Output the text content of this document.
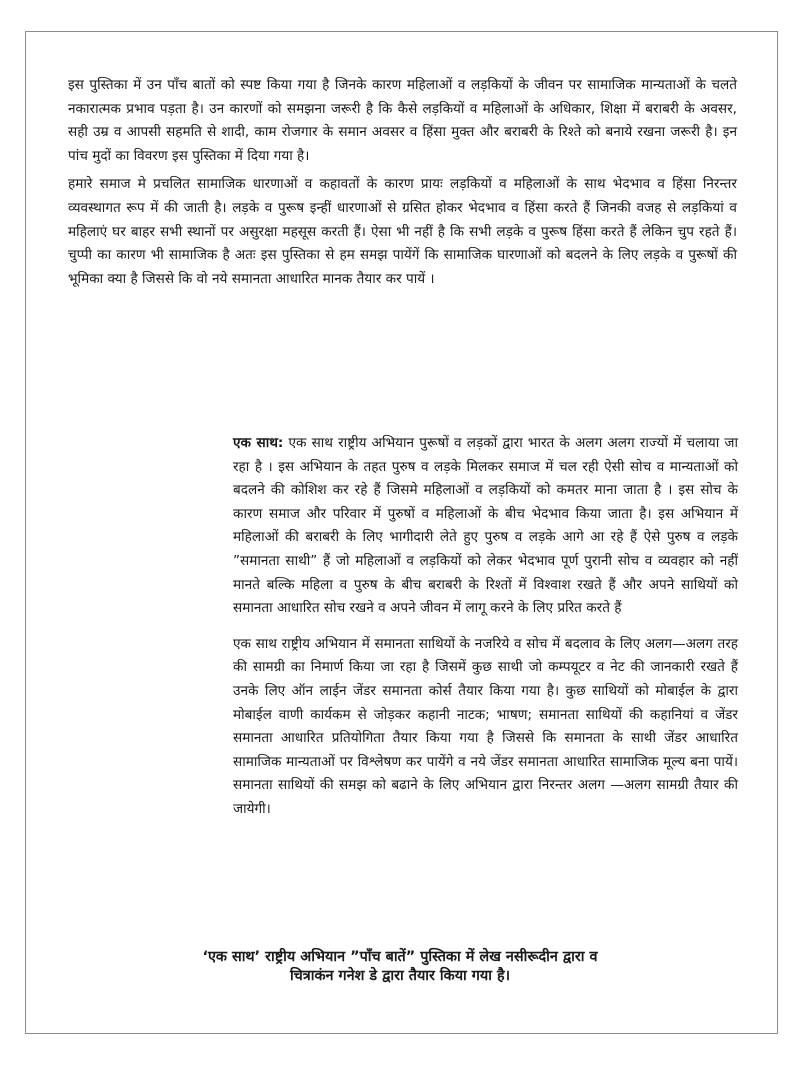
इस पुस्तिका में उन पाँच बातों को स्पष्ट किया गया है जिनके कारण महिलाओं व लड़कियों के जीवन पर सामाजिक मान्यताओं के चलते नकारात्मक प्रभाव पड़ता है। उन कारणों को समझना जरूरी है कि कैसे लड़कियों व महिलाओं के अधिकार, शिक्षा में बराबरी के अवसर, सही उम्र व आपसी सहमति से शादी, काम रोजगार के समान अवसर व हिंसा मुक्त और बराबरी के रिश्ते को बनाये रखना जरूरी है। इन पांच मुदों का विवरण इस पुस्तिका में दिया गया है।

हमारे समाज मे प्रचलित सामाजिक धारणाओं व कहावतों के कारण प्रायः लड़कियों व महिलाओं के साथ भेदभाव व हिंसा निरन्तर व्यवस्थागत रूप में की जाती है। लड़के व पुरूष इन्हीं धारणाओं से ग्रसित होकर भेदभाव व हिंसा करते हैं जिनकी वजह से लड़कियां व महिलाएं घर बाहर सभी स्थानों पर असुरक्षा महसूस करती हैं। ऐसा भी नहीं है कि सभी लड़के व पुरूष हिंसा करते हैं लेकिन चुप रहते हैं। चुप्पी का कारण भी सामाजिक है अतः इस पुस्तिका से हम समझ पायेंगें कि सामाजिक घारणाओं को बदलने के लिए लड़के व पुरूषों की भूमिका क्या है जिससे कि वो नये समानता आधारित मानक तैयार कर पायें ।

एक साथ: एक साथ राष्ट्रीय अभियान पुरूषों व लड़कों द्वारा भारत के अलग अलग राज्यों में चलाया जा रहा है । इस अभियान के तहत पुरुष व लड़के मिलकर समाज में चल रही ऐसी सोच व मान्यताओं को बदलने की कोशिश कर रहे हैं जिसमे महिलाओं व लड़कियों को कमतर माना जाता है । इस सोच के कारण समाज और परिवार में पुरुषों व महिलाओं के बीच भेदभाव किया जाता है। इस अभियान में महिलाओं की बराबरी के लिए भागीदारी लेते हुए पुरुष व लड़के आगे आ रहे हैं ऐसे पुरुष व लड़के ”समानता साथी” हैं जो महिलाओं व लड़कियों को लेकर भेदभाव पूर्ण पुरानी सोच व व्यवहार को नहीं मानते बल्कि महिला व पुरुष के बीच बराबरी के रिश्तों में विश्वाश रखते हैं और अपने साथियों को समानता आधारित सोच रखने व अपने जीवन में लागू करने के लिए प्ररित करते हैं

एक साथ राष्ट्रीय अभियान में समानता साथियों के नजरिये व सोच में बदलाव के लिए अलग—अलग तरह की सामग्री का निमार्ण किया जा रहा है जिसमें कुछ साथी जो कम्पयूटर व नेट की जानकारी रखते हैं उनके लिए ऑन लाईन जेंडर समानता कोर्स तैयार किया गया है। कुछ साथियों को मोबाईल के द्वारा मोबाईल वाणी कार्यकम से जोड़कर कहानी नाटक; भाषण; समानता साथियों की कहानियां व जेंडर समानता आधारित प्रतियोगिता तैयार किया गया है जिससे कि समानता के साथी जेंडर आधारित सामाजिक मान्यताओं पर विश्लेषण कर पायेंगे व नये जेंडर समानता आधारित सामाजिक मूल्य बना पायें। समानता साथियों की समझ को बढाने के लिए अभियान द्वारा निरन्तर अलग —अलग सामग्री तैयार की जायेगी।

‘एक साथ’ राष्ट्रीय अभियान ”पाँच बातें” पुस्तिका में लेख नसीरूदीन द्वारा व
चित्राकंन गनेश डे द्वारा तैयार किया गया है।
